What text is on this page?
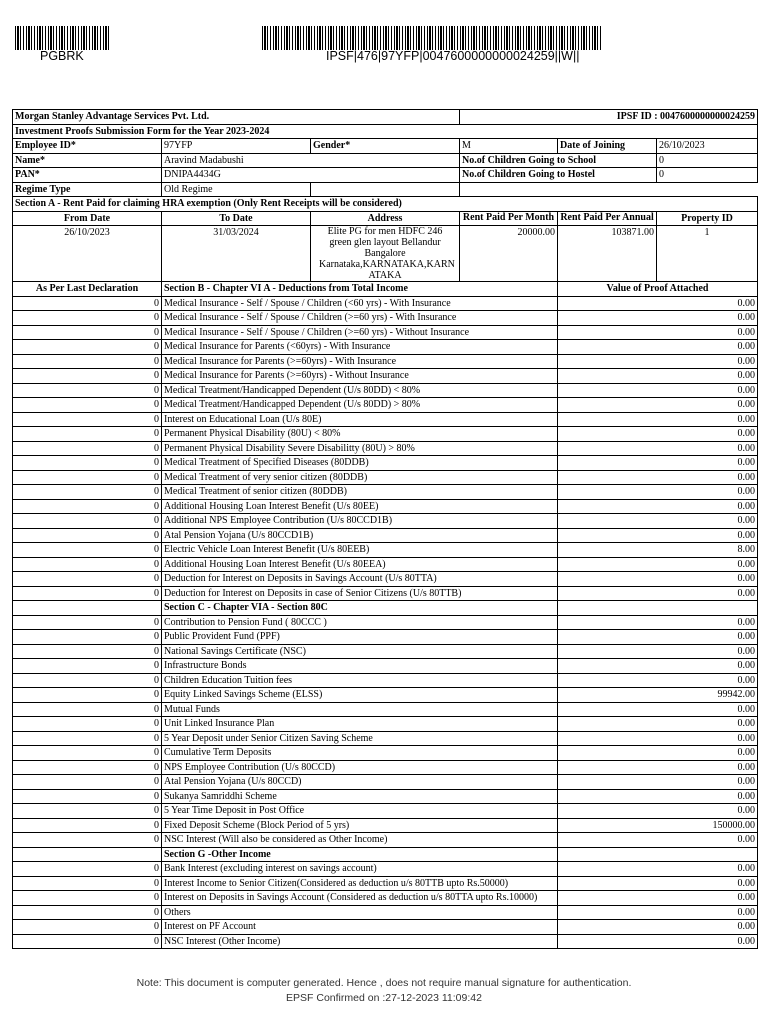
PGBRK	IPSF|476|97YFP|0047600000000024259||W||
Morgan Stanley Advantage Services Pvt. Ltd.			IPSF ID : 0047600000000024259		
Investment Proofs Submission Form for the Year 2023-2024					
Employee ID*	97YFP	Gender*	M	Date of Joining	26/10/2023
Name*	Aravind Madabushi		No.of Children Going to School		0
PAN*	DNIPA4434G		No.of Children Going to Hostel		0
Regime Type	Old Regime				
Section A - Rent Paid for claiming HRA exemption (Only Rent Receipts will be considered)					
From Date	To Date	Address	Rent Paid Per Month	Rent Paid Per Annual	Property ID
26/10/2023	31/03/2024	Elite PG for men HDFC 246 green glen layout Bellandur Bangalore Karnataka,KARNATAKA,KARN ATAKA	20000.00	103871.00	1
As Per Last Declaration	Section B - Chapter VI A - Deductions from Total Income			Value of Proof Attached	
0	Medical Insurance - Self / Spouse / Children (<60 yrs) - With Insurance			0.00	
0	Medical Insurance - Self / Spouse / Children (>=60 yrs) - With Insurance			0.00	
0	Medical Insurance - Self / Spouse / Children (>=60 yrs) - Without Insurance			0.00	
0	Medical Insurance for Parents (<60yrs) - With Insurance			0.00	
0	Medical Insurance for Parents (>=60yrs) - With Insurance			0.00	
0	Medical Insurance for Parents (>=60yrs) - Without Insurance			0.00	
0	Medical Treatment/Handicapped Dependent (U/s 80DD) < 80%			0.00	
0	Medical Treatment/Handicapped Dependent (U/s 80DD) > 80%			0.00	
0	Interest on Educational Loan (U/s 80E)			0.00	
0	Permanent Physical Disability (80U) < 80%			0.00	
0	Permanent Physical Disability Severe Disabilitty (80U) > 80%			0.00	
0	Medical Treatment of Specified Diseases (80DDB)			0.00	
0	Medical Treatment of very senior citizen (80DDB)			0.00	
0	Medical Treatment of senior citizen (80DDB)			0.00	
0	Additional Housing Loan Interest Benefit (U/s 80EE)			0.00	
0	Additional NPS Employee Contribution (U/s 80CCD1B)			0.00	
0	Atal Pension Yojana (U/s 80CCD1B)			0.00	
0	Electric Vehicle Loan Interest Benefit (U/s 80EEB)			8.00	
0	Additional Housing Loan Interest Benefit (U/s 80EEA)			0.00	
0	Deduction for Interest on Deposits in Savings Account (U/s 80TTA)			0.00	
0	Deduction for Interest on Deposits in case of Senior Citizens (U/s 80TTB)			0.00	
	Section C - Chapter VIA - Section 80C				
0	Contribution to Pension Fund ( 80CCC )			0.00	
0	Public Provident Fund (PPF)			0.00	
0	National Savings Certificate (NSC)			0.00	
0	Infrastructure Bonds			0.00	
0	Children Education Tuition fees			0.00	
0	Equity Linked Savings Scheme (ELSS)			99942.00	
0	Mutual Funds			0.00	
0	Unit Linked Insurance Plan			0.00	
0	5 Year Deposit under Senior Citizen Saving Scheme			0.00	
0	Cumulative Term Deposits			0.00	
0	NPS Employee Contribution (U/s 80CCD)			0.00	
0	Atal Pension Yojana (U/s 80CCD)			0.00	
0	Sukanya Samriddhi Scheme			0.00	
0	5 Year Time Deposit in Post Office			0.00	
0	Fixed Deposit Scheme (Block Period of 5 yrs)			150000.00	
0	NSC Interest (Will also be considered as Other Income)			0.00	
	Section G -Other Income				
0	Bank Interest (excluding interest on savings account)			0.00	
0	Interest Income to Senior Citizen(Considered as deduction u/s 80TTB upto Rs.50000)			0.00	
0	Interest on Deposits in Savings Account (Considered as deduction u/s 80TTA upto Rs.10000)			0.00	
0	Others			0.00	
0	Interest on PF Account			0.00	
0	NSC Interest (Other Income)			0.00	
Note: This document is computer generated. Hence , does not require manual signature for authentication.
EPSF Confirmed on :27-12-2023 11:09:42
